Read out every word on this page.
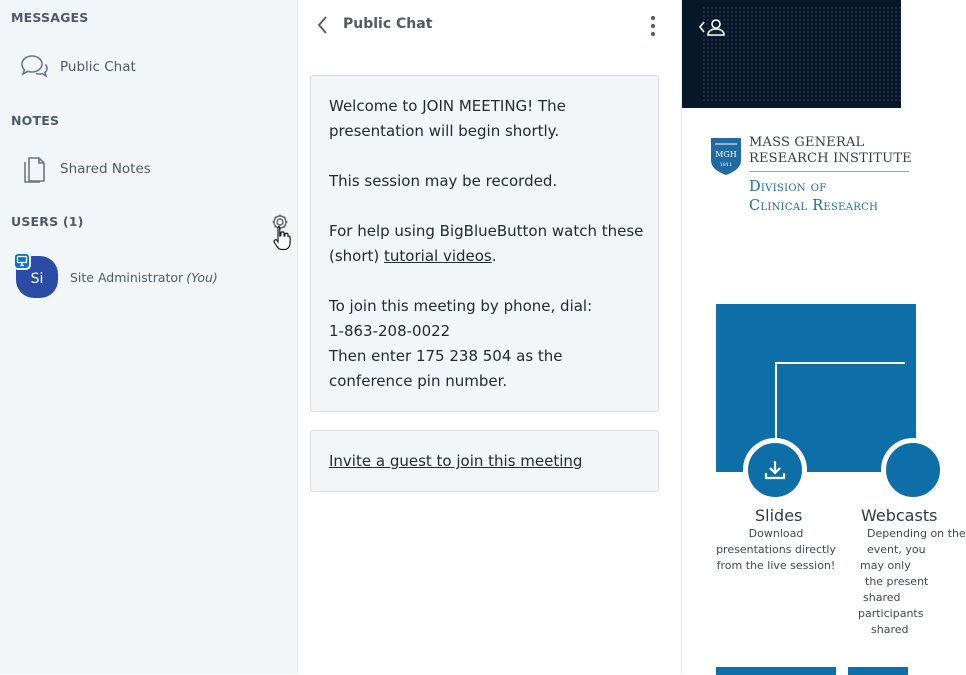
MESSAGES
Public Chat
NOTES
Shared Notes
USERS (1)
Si	Site Administrator (You)
Public Chat

Welcome to JOIN MEETING! The presentation will begin shortly.

This session may be recorded.

For help using BigBlueButton watch these (short) tutorial videos.

To join this meeting by phone, dial:
1-863-208-0022
Then enter 175 238 504 as the conference pin number.

Invite a guest to join this meeting
MGH
1811
MASS GENERAL
RESEARCH INSTITUTE
Division of
Clinical Research
Slides
Download presentations directly from the live session!
Webcasts
Depending on the
event, you
may only
the present
shared
participants
shared
